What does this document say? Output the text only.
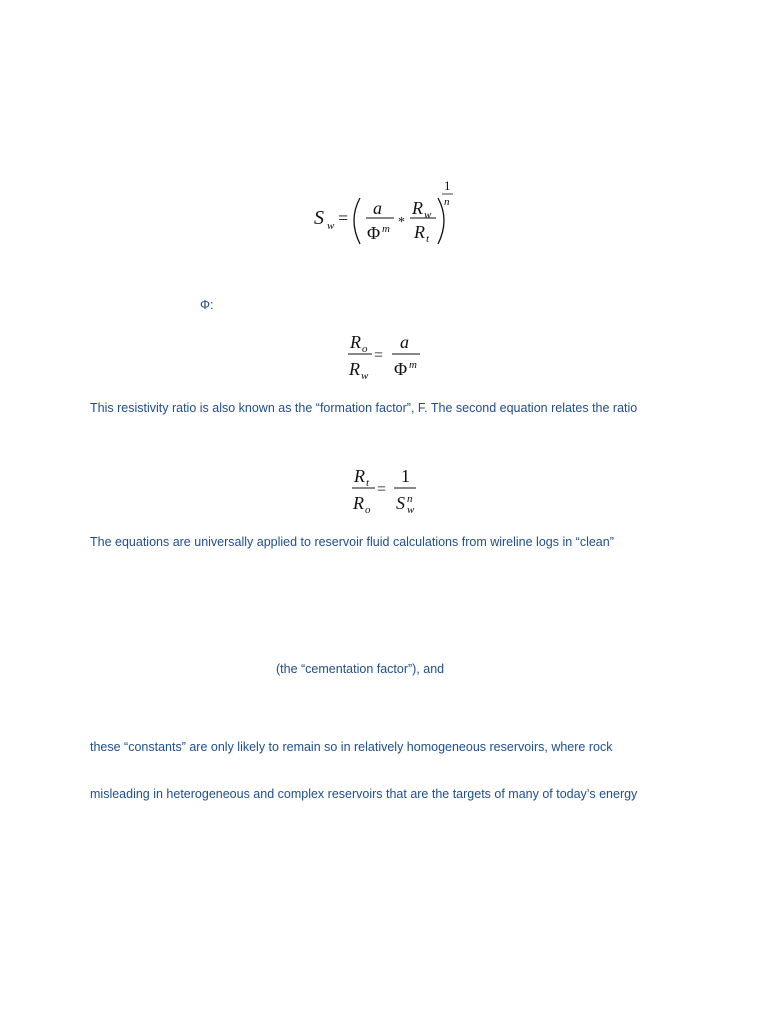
S w = a
Φ m *
R w
R t
1
n

Φ:

R o
R w
=
a
Φ m

This resistivity ratio is also known as the “formation factor”, F. The second equation relates the ratio

R t
R o
=
1
S w
n

The equations are universally applied to reservoir fluid calculations from wireline logs in “clean”

(the “cementation factor”), and

these “constants” are only likely to remain so in relatively homogeneous reservoirs, where rock

misleading in heterogeneous and complex reservoirs that are the targets of many of today’s energy
